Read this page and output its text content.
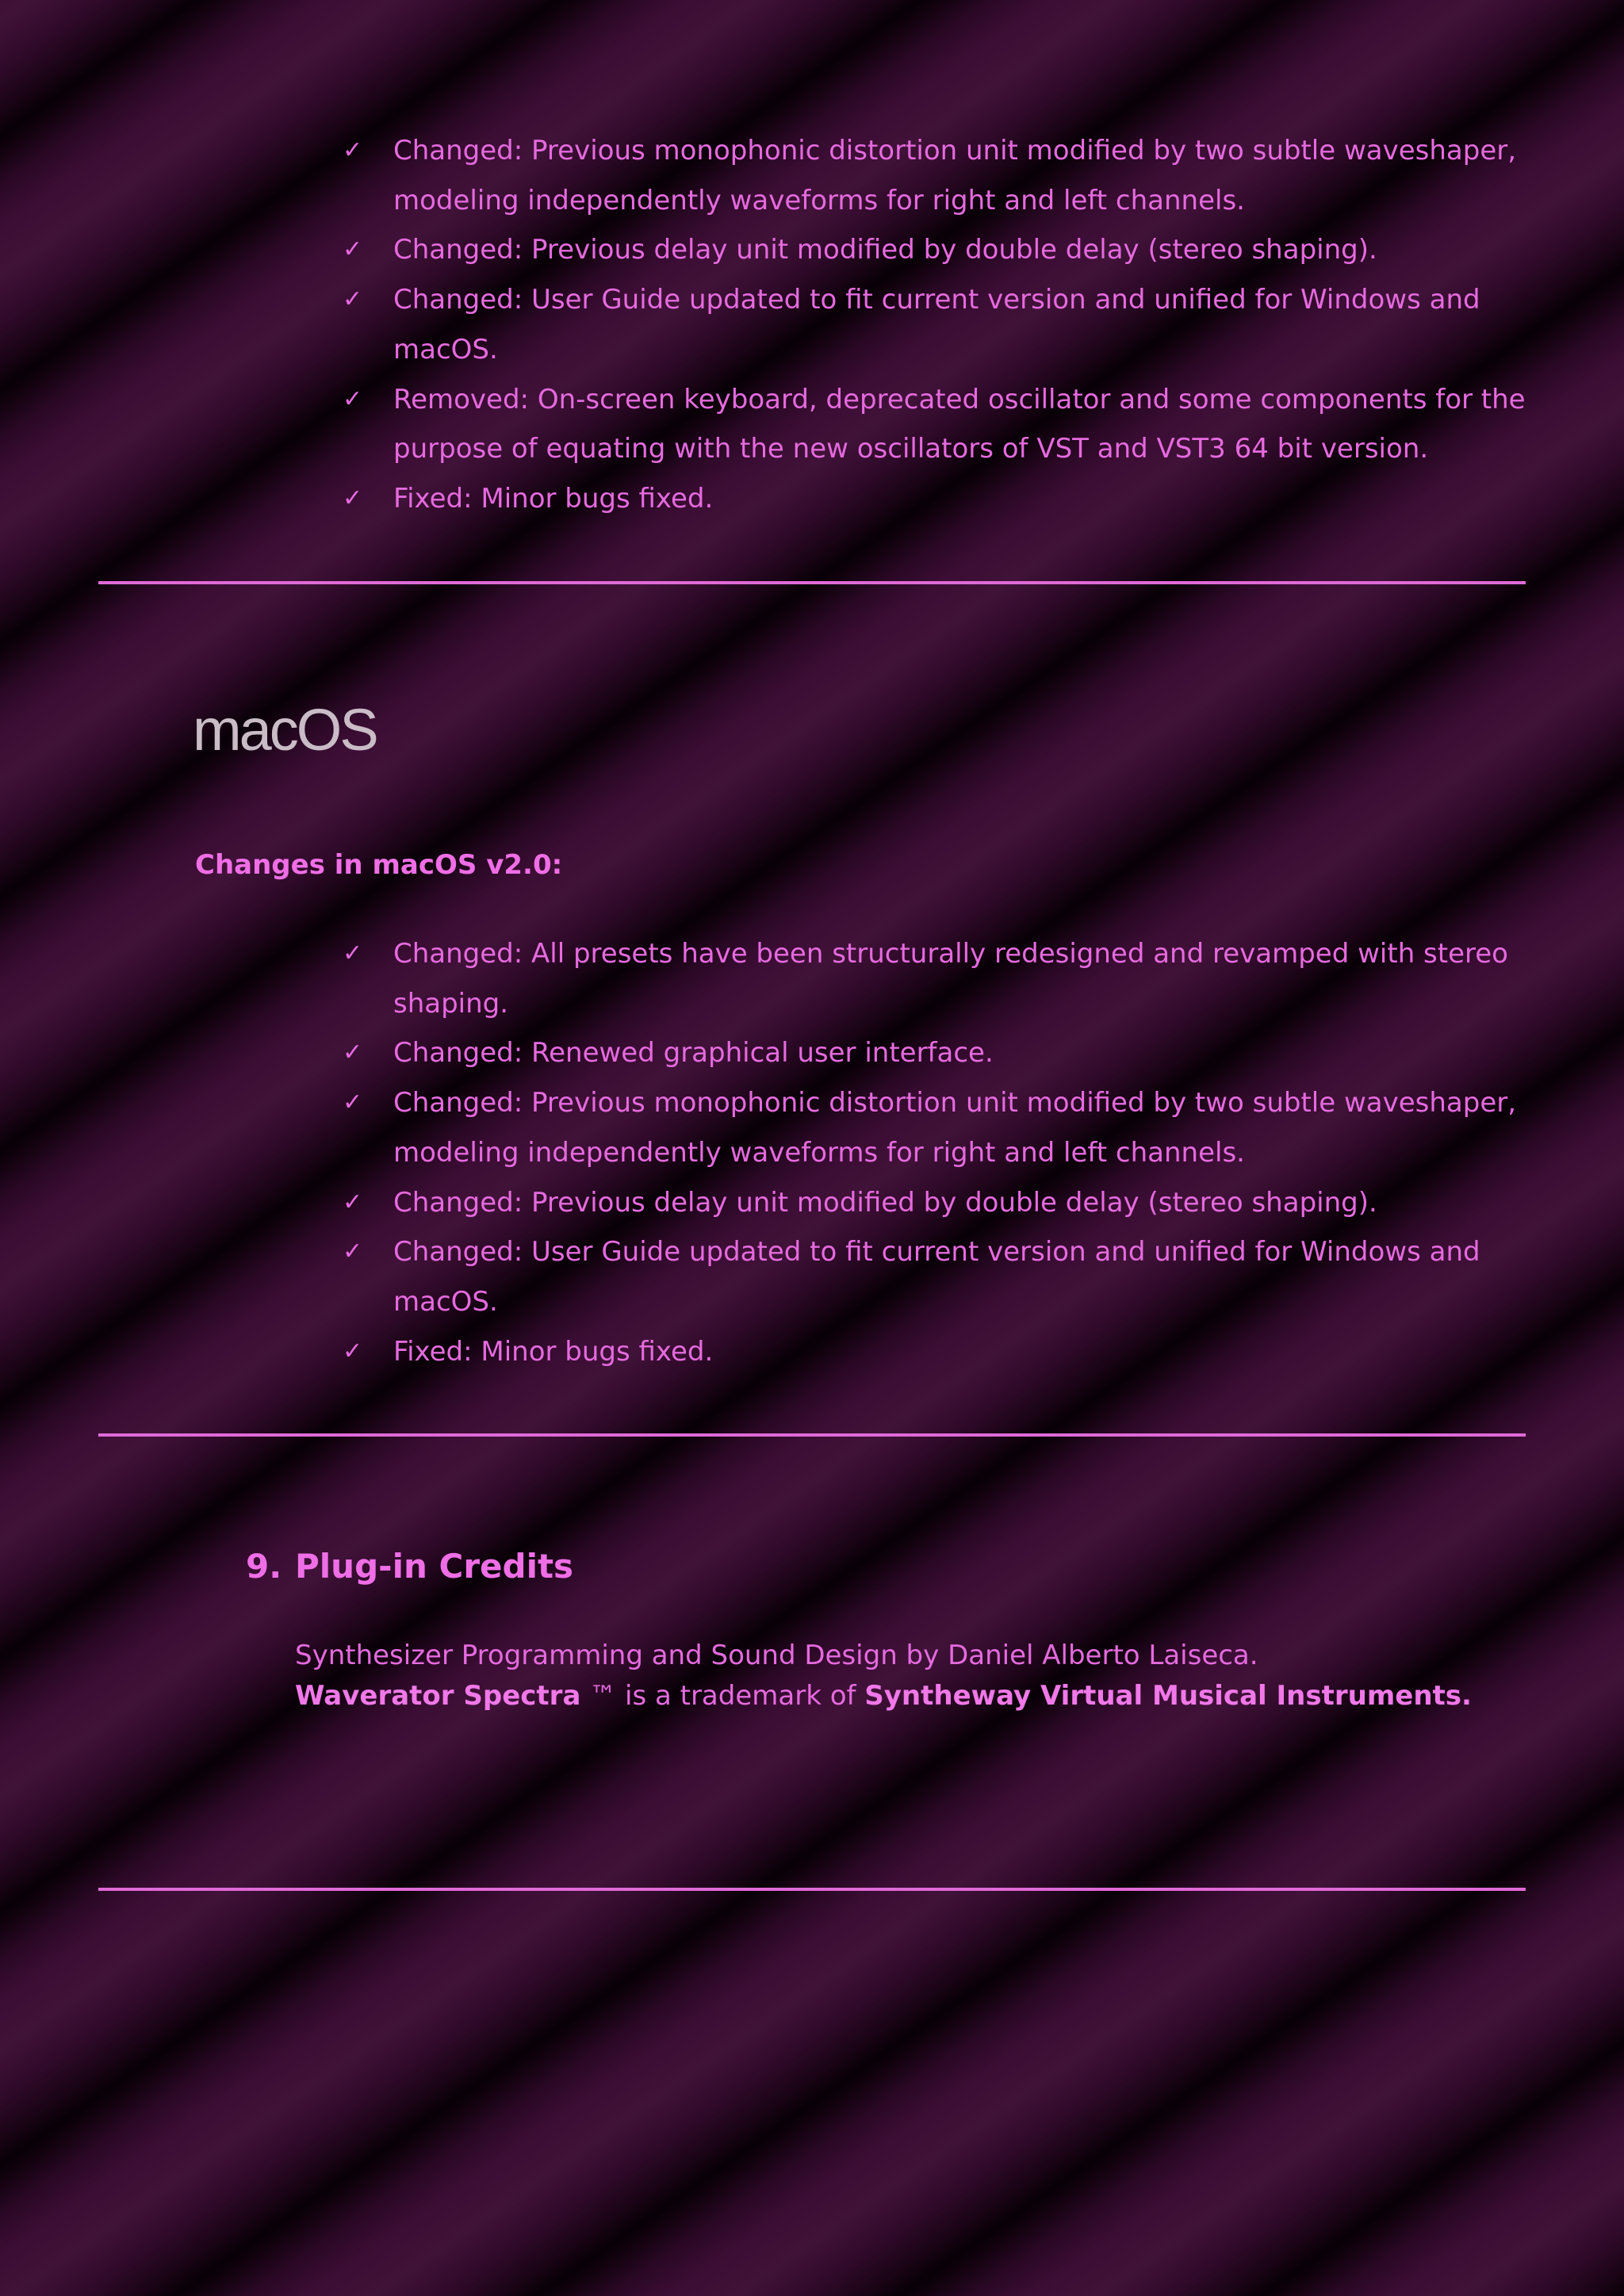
✓ Changed: Previous monophonic distortion unit modified by two subtle waveshaper, modeling independently waveforms for right and left channels.
✓ Changed: Previous delay unit modified by double delay (stereo shaping).
✓ Changed: User Guide updated to fit current version and unified for Windows and macOS.
✓ Removed: On-screen keyboard, deprecated oscillator and some components for the purpose of equating with the new oscillators of VST and VST3 64 bit version.
✓ Fixed: Minor bugs fixed.
macOS
Changes in macOS v2.0:
✓ Changed: All presets have been structurally redesigned and revamped with stereo shaping.
✓ Changed: Renewed graphical user interface.
✓ Changed: Previous monophonic distortion unit modified by two subtle waveshaper, modeling independently waveforms for right and left channels.
✓ Changed: Previous delay unit modified by double delay (stereo shaping).
✓ Changed: User Guide updated to fit current version and unified for Windows and macOS.
✓ Fixed: Minor bugs fixed.
9. Plug-in Credits
Synthesizer Programming and Sound Design by Daniel Alberto Laiseca.
Waverator Spectra ™ is a trademark of Syntheway Virtual Musical Instruments.
